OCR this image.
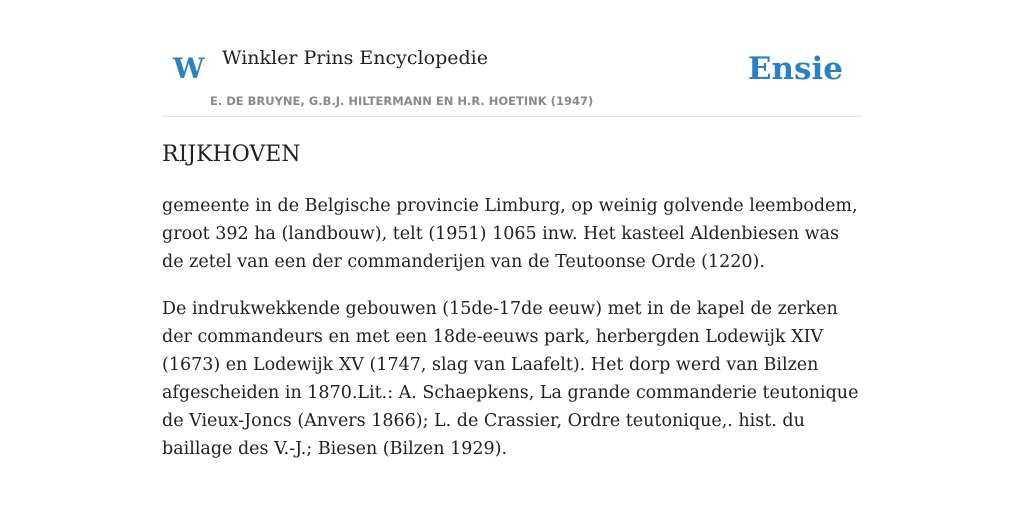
W Winkler Prins Encyclopedie	Ensie
E. DE BRUYNE, G.B.J. HILTERMANN EN H.R. HOETINK (1947)
RIJKHOVEN

gemeente in de Belgische provincie Limburg, op weinig golvende leembodem, groot 392 ha (landbouw), telt (1951) 1065 inw. Het kasteel Aldenbiesen was de zetel van een der commanderijen van de Teutoonse Orde (1220).

De indrukwekkende gebouwen (15de-17de eeuw) met in de kapel de zerken der commandeurs en met een 18de-eeuws park, herbergden Lodewijk XIV (1673) en Lodewijk XV (1747, slag van Laafelt). Het dorp werd van Bilzen afgescheiden in 1870.Lit.: A. Schaepkens, La grande commanderie teutonique de Vieux-Joncs (Anvers 1866); L. de Crassier, Ordre teutonique,. hist. du baillage des V.-J.; Biesen (Bilzen 1929).
